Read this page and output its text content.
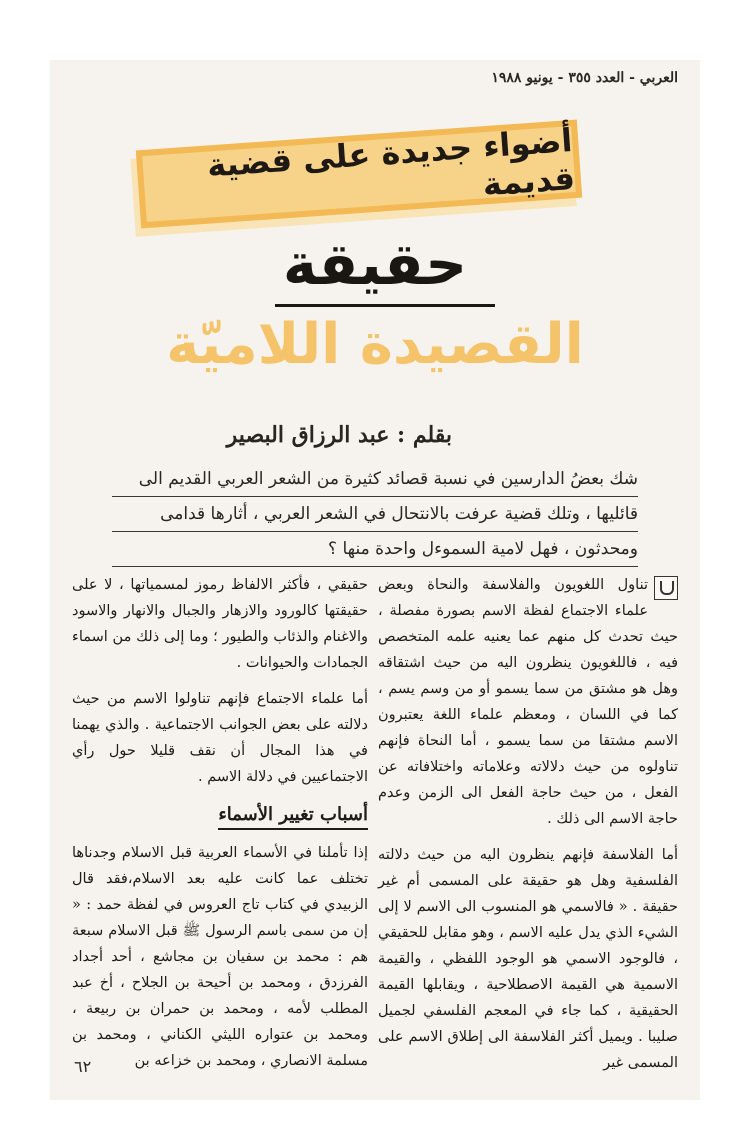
العربي - العدد ٣٥٥ - يونيو ١٩٨٨
أضواء جديدة على قضية قديمة
حقيقة
القصيدة اللاميّة
بقلم : عبد الرزاق البصير
شك بعضُ الدارسين في نسبة قصائد كثيرة من الشعر العربي القديم الى
قائليها ، وتلك قضية عرفت بالانتحال في الشعر العربي ، أثارها قدامى
ومحدثون ، فهل لامية السموءل واحدة منها ؟

تناول اللغويون والفلاسفة والنحاة وبعض علماء الاجتماع لفظة الاسم بصورة مفصلة ، حيث تحدث كل منهم عما يعنيه علمه المتخصص فيه ، فاللغويون ينظرون اليه من حيث اشتقاقه وهل هو مشتق من سما يسمو أو من وسم يسم ، كما في اللسان ، ومعظم علماء اللغة يعتبرون الاسم مشتقا من سما يسمو ، أما النحاة فإنهم تناولوه من حيث دلالاته وعلاماته واختلافاته عن الفعل ، من حيث حاجة الفعل الى الزمن وعدم حاجة الاسم الى ذلك .

أما الفلاسفة فإنهم ينظرون اليه من حيث دلالته الفلسفية وهل هو حقيقة على المسمى أم غير حقيقة . « فالاسمي هو المنسوب الى الاسم لا إلى الشيء الذي يدل عليه الاسم ، وهو مقابل للحقيقي ، فالوجود الاسمي هو الوجود اللفظي ، والقيمة الاسمية هي القيمة الاصطلاحية ، ويقابلها القيمة الحقيقية ، كما جاء في المعجم الفلسفي لجميل صليبا . ويميل أكثر الفلاسفة الى إطلاق الاسم على المسمى غير

حقيقي ، فأكثر الالفاظ رموز لمسمياتها ، لا على حقيقتها كالورود والازهار والجبال والانهار والاسود والاغنام والذئاب والطيور ؛ وما إلى ذلك من اسماء الجمادات والحيوانات .

أما علماء الاجتماع فإنهم تناولوا الاسم من حيث دلالته على بعض الجوانب الاجتماعية . والذي يهمنا في هذا المجال أن نقف قليلا حول رأي الاجتماعيين في دلالة الاسم .

أسباب تغيير الأسماء

إذا تأملنا في الأسماء العربية قبل الاسلام وجدناها تختلف عما كانت عليه بعد الاسلام،فقد قال الزبيدي في كتاب تاج العروس في لفظة حمد : « إن من سمى باسم الرسول ﷺ قبل الاسلام سبعة هم : محمد بن سفيان بن مجاشع ، أحد أجداد الفرزدق ، ومحمد بن أحيحة بن الجلاح ، أخ عبد المطلب لأمه ، ومحمد بن حمران بن ربيعة ، ومحمد بن عتواره الليثي الكناني ، ومحمد بن مسلمة الانصاري ، ومحمد بن خزاعه بن

٦٢
